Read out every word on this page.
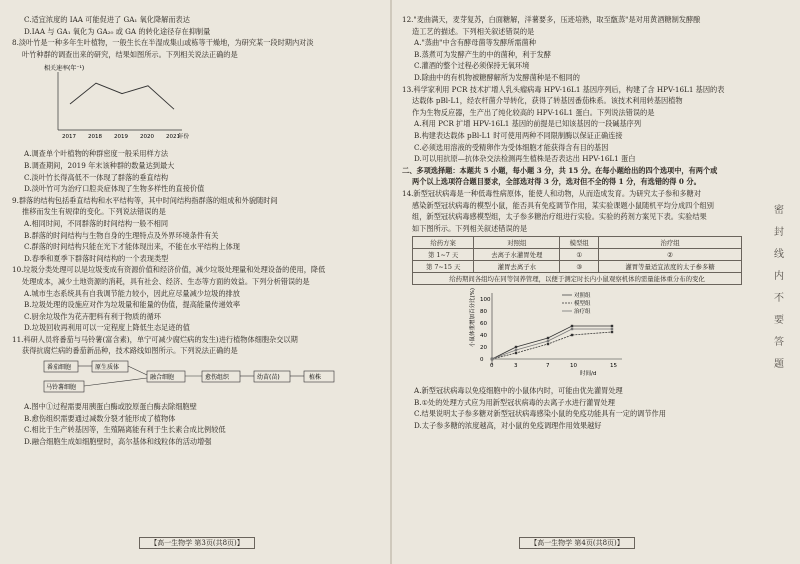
C.适宜浓度的 IAA 可能促进了 GA₁ 氧化降解而表达

D.IAA 与 GA₁ 氧化为 GA₂₀ 或 GA 的转化途径存在抑制量

8.淡叶竹是一种多年生叶植物，一般生长在半湿成集山或栋等干燥地，为研究某一段时期内对淡

叶竹种群的调查出来的研究，结果如图所示。下列相关说法正确的是

相关速率(年⁻¹)
2017 2018 2019 2020 2021
年份

A.调查单个叶植物的种群密度一般采用样方法

B.调查期间，2019 年末该种群的数量达到最大

C.淡叶竹长得高低不一体现了群落的垂直结构

D.淡叶竹可为治疗口腔炎症体现了生物多样性的直接价值

9.群落的结构包括垂直结构和水平结构等，其中时间结构指群落的组成和外貌随时间

推移而发生有规律的变化。下列说法错误的是

A.相同时间，不同群落的时间结构一般不相同

B.群落的时间结构与生物自身的生理特点及外界环境条件有关

C.群落的时间结构只能在光下才能体现出来，不能在水平结构上体现

D.春季和夏季下群落时间结构的一个表现类型

10.垃圾分类处理可以是垃圾变成有资源价值和经济价值，减少垃圾处理量和处理设备的使用，降低

处理成本，减少土地资源的消耗，具有社会、经济、生态等方面的效益。下列分析错误的是

A.城市生态系统具有自我调节能力较小，因此应尽量减少垃圾的排放

B.垃圾处理的设施应对作为垃圾量和能量的伪值，提高能量传递效率

C.厨余垃圾作为花卉肥料有利于物质的循环

D.垃圾回收再利用可以一定程度上降低生态足迹的值

11.科研人员将番茄与马铃薯(富含素)，单宁可减少腐烂病的发生)进行植物体细胞杂交以期

获得抗腐烂病的番茄新品种，技术路线如图所示。下列说法正确的是

番茄细胞	原生质体
马铃薯细胞
融合细胞	愈伤组织	幼苗(苗)	植株

A.图中①过程需要用胰蛋白酶或胶原蛋白酶去除细胞壁

B.愈伤组织需要通过减数分裂才能形成了植物体

C.相比于生产转基因等，生殖隔离能有利于生长素合成比例较低

D.融合细胞生成如细胞壁时，高尔基体和线粒体的活动增强

【高一生物学 第3页(共8页)】

12."麦曲满天，麦芽复苏，白面糖解，洋薯要多，压迹培熟，取至甑蒸"是对用黄酒糖制发酵酿

造工艺的描述。下列相关叙述错误的是

A."蒸曲"中含有酵母菌等发酵所需菌种

B.蒸煮可为发酵产生的中的菌种，利于发酵

C.灌酒的整个过程必须保持无氧环境

D.除曲中的有机物被糖酵解所为发酵菌种是不相同的

13.科学家利用 PCR 技术扩增人乳头瘤病毒 HPV-16L1 基因序列后，构建了含 HPV-16L1 基因的表

达载体 pBl-L1，经农杆菌介导转化，获得了转基因番茄株系。该技术利用转基因植物

作为生物反应器，生产出了纯化较高的 HPV-16L1 蛋白。下列说法错误的是

A.利用 PCR 扩增 HPV-16L1 基因的前提是已知该基因的一段碱基序列

B.构建表达载体 pBl-L1 时可使用两种不同限制酶以保证正确连接

C.必须选用溶液的受精卵作为受体细胞才能获得含有目的基因

D.可以用抗原—抗体杂交法检测再生植株是否表达出 HPV-16L1 蛋白

二、多项选择题：本题共 5 小题，每小题 3 分，共 15 分。在每小题给出的四个选项中，有两个或

两个以上选项符合题目要求，全部选对得 3 分，选对但不全的得 1 分，有选错的得 0 分。

14.新型冠状病毒是一种低毒性病原体，能使人和动物，从而造成发育。为研究太子参和多糖对

感染新型冠状病毒的模型小鼠，能否具有免疫调节作用，某实验课题小鼠随机平均分成四个组别

组，新型冠状病毒感模型组，太子参多糖治疗组进行实验。实验的药剂方案见下表。实验结果

如下图所示。下列相关叙述错误的是

给药方案	对照组	模型组	治疗组
第 1~7 天	去离子水灌胃处理	①	②
第 7~15 天	灌胃去离子水	③	灌胃等量适宜浓度的太子参多糖
给药期间各组均在同等饲养管理，以便于测定时长内小鼠观察机体的需量能体重分布的变化			
小鼠体重增加百分比(%)
0	3	7	10	15
100
80
60
40
20
0
对照组
模型组
治疗组
时间/d

A.新型冠状病毒以免疫细胞中的小鼠体内时，可能由优先灌胃处理

B.①处的处理方式应为用新型冠状病毒的去离子水进行灌胃处理

C.结果说明太子参多糖对新型冠状病毒感染小鼠的免疫功能具有一定的调节作用

D.太子参多糖的浓度越高，对小鼠的免疫调理作用效果越好

【高一生物学 第4页(共8页)】
密
封
线
内
不
要
答
题
